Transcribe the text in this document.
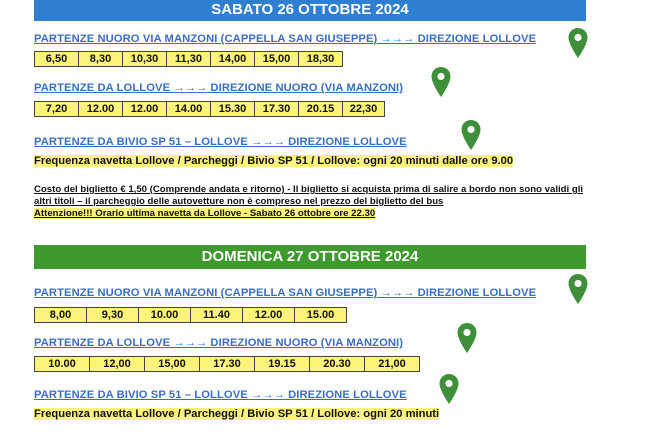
SABATO 26 OTTOBRE 2024
PARTENZE NUORO VIA MANZONI (CAPPELLA SAN GIUSEPPE) →→→ DIREZIONE LOLLOVE
6,50	8,30	10,30	11,30	14,00	15,00	18,30
PARTENZE DA LOLLOVE →→→ DIREZIONE NUORO (VIA MANZONI)
7,20	12.00	12.00	14.00	15.30	17.30	20.15	22,30
PARTENZE DA BIVIO SP 51 – LOLLOVE →→→ DIREZIONE LOLLOVE
Frequenza navetta Lollove / Parcheggi / Bivio SP 51 / Lollove: ogni 20 minuti dalle ore 9.00
Costo del biglietto € 1,50 (Comprende andata e ritorno) - Il biglietto si acquista prima di salire a bordo non sono validi gli altri titoli – il parcheggio delle autovetture non è compreso nel prezzo del biglietto del bus
Attenzione!!! Orario ultima navetta da Lollove - Sabato 26 ottobre ore 22.30
DOMENICA 27 OTTOBRE 2024
PARTENZE NUORO VIA MANZONI (CAPPELLA SAN GIUSEPPE) →→→ DIREZIONE LOLLOVE
8,00	9,30	10.00	11.40	12.00	15.00
PARTENZE DA LOLLOVE →→→ DIREZIONE NUORO (VIA MANZONI)
10.00	12,00	15,00	17.30	19.15	20.30	21,00
PARTENZE DA BIVIO SP 51 – LOLLOVE →→→ DIREZIONE LOLLOVE
Frequenza navetta Lollove / Parcheggi / Bivio SP 51 / Lollove: ogni 20 minuti
